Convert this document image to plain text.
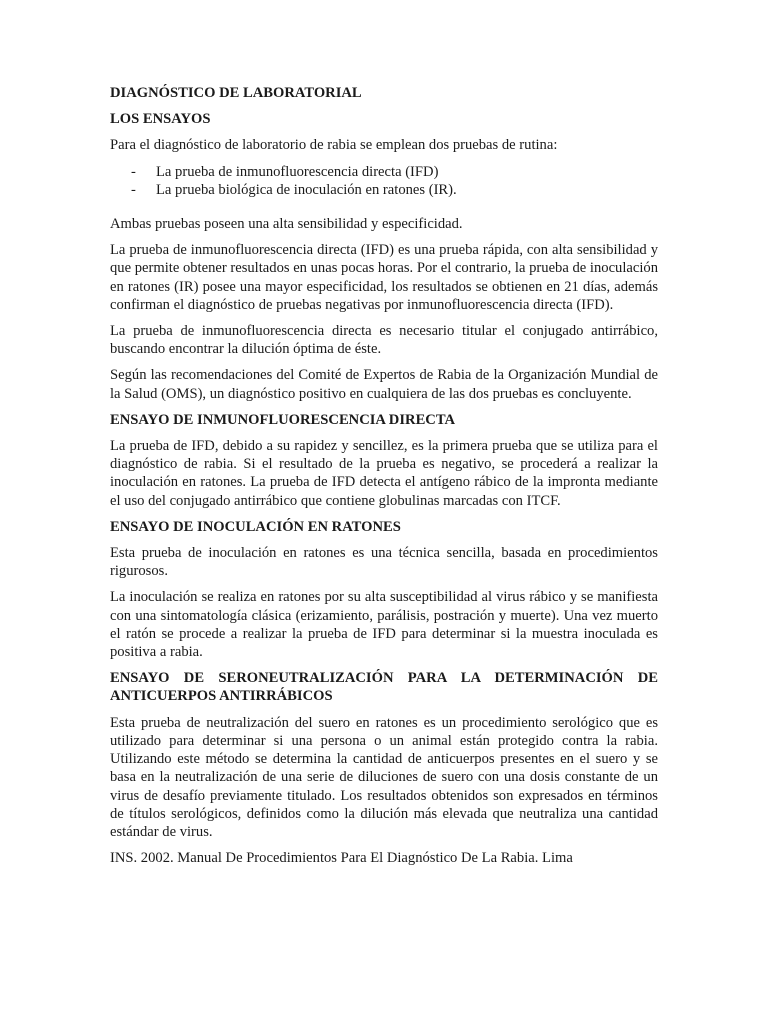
DIAGNÓSTICO DE LABORATORIAL
LOS ENSAYOS

Para el diagnóstico de laboratorio de rabia se emplean dos pruebas de rutina:

- La prueba de inmunofluorescencia directa (IFD)
- La prueba biológica de inoculación en ratones (IR).

Ambas pruebas poseen una alta sensibilidad y especificidad.

La prueba de inmunofluorescencia directa (IFD) es una prueba rápida, con alta sensibilidad y que permite obtener resultados en unas pocas horas. Por el contrario, la prueba de inoculación en ratones (IR) posee una mayor especificidad, los resultados se obtienen en 21 días, además confirman el diagnóstico de pruebas negativas por inmunofluorescencia directa (IFD).

La prueba de inmunofluorescencia directa es necesario titular el conjugado antirrábico, buscando encontrar la dilución óptima de éste.

Según las recomendaciones del Comité de Expertos de Rabia de la Organización Mundial de la Salud (OMS), un diagnóstico positivo en cualquiera de las dos pruebas es concluyente.

ENSAYO DE INMUNOFLUORESCENCIA DIRECTA

La prueba de IFD, debido a su rapidez y sencillez, es la primera prueba que se utiliza para el diagnóstico de rabia. Si el resultado de la prueba es negativo, se procederá a realizar la inoculación en ratones. La prueba de IFD detecta el antígeno rábico de la impronta mediante el uso del conjugado antirrábico que contiene globulinas marcadas con ITCF.

ENSAYO DE INOCULACIÓN EN RATONES

Esta prueba de inoculación en ratones es una técnica sencilla, basada en procedimientos rigurosos.

La inoculación se realiza en ratones por su alta susceptibilidad al virus rábico y se manifiesta con una sintomatología clásica (erizamiento, parálisis, postración y muerte). Una vez muerto el ratón se procede a realizar la prueba de IFD para determinar si la muestra inoculada es positiva a rabia.

ENSAYO DE SERONEUTRALIZACIÓN PARA LA DETERMINACIÓN DE ANTICUERPOS ANTIRRÁBICOS

Esta prueba de neutralización del suero en ratones es un procedimiento serológico que es utilizado para determinar si una persona o un animal están protegido contra la rabia. Utilizando este método se determina la cantidad de anticuerpos presentes en el suero y se basa en la neutralización de una serie de diluciones de suero con una dosis constante de un virus de desafío previamente titulado. Los resultados obtenidos son expresados en términos de títulos serológicos, definidos como la dilución más elevada que neutraliza una cantidad estándar de virus.

INS. 2002. Manual De Procedimientos Para El Diagnóstico De La Rabia. Lima
